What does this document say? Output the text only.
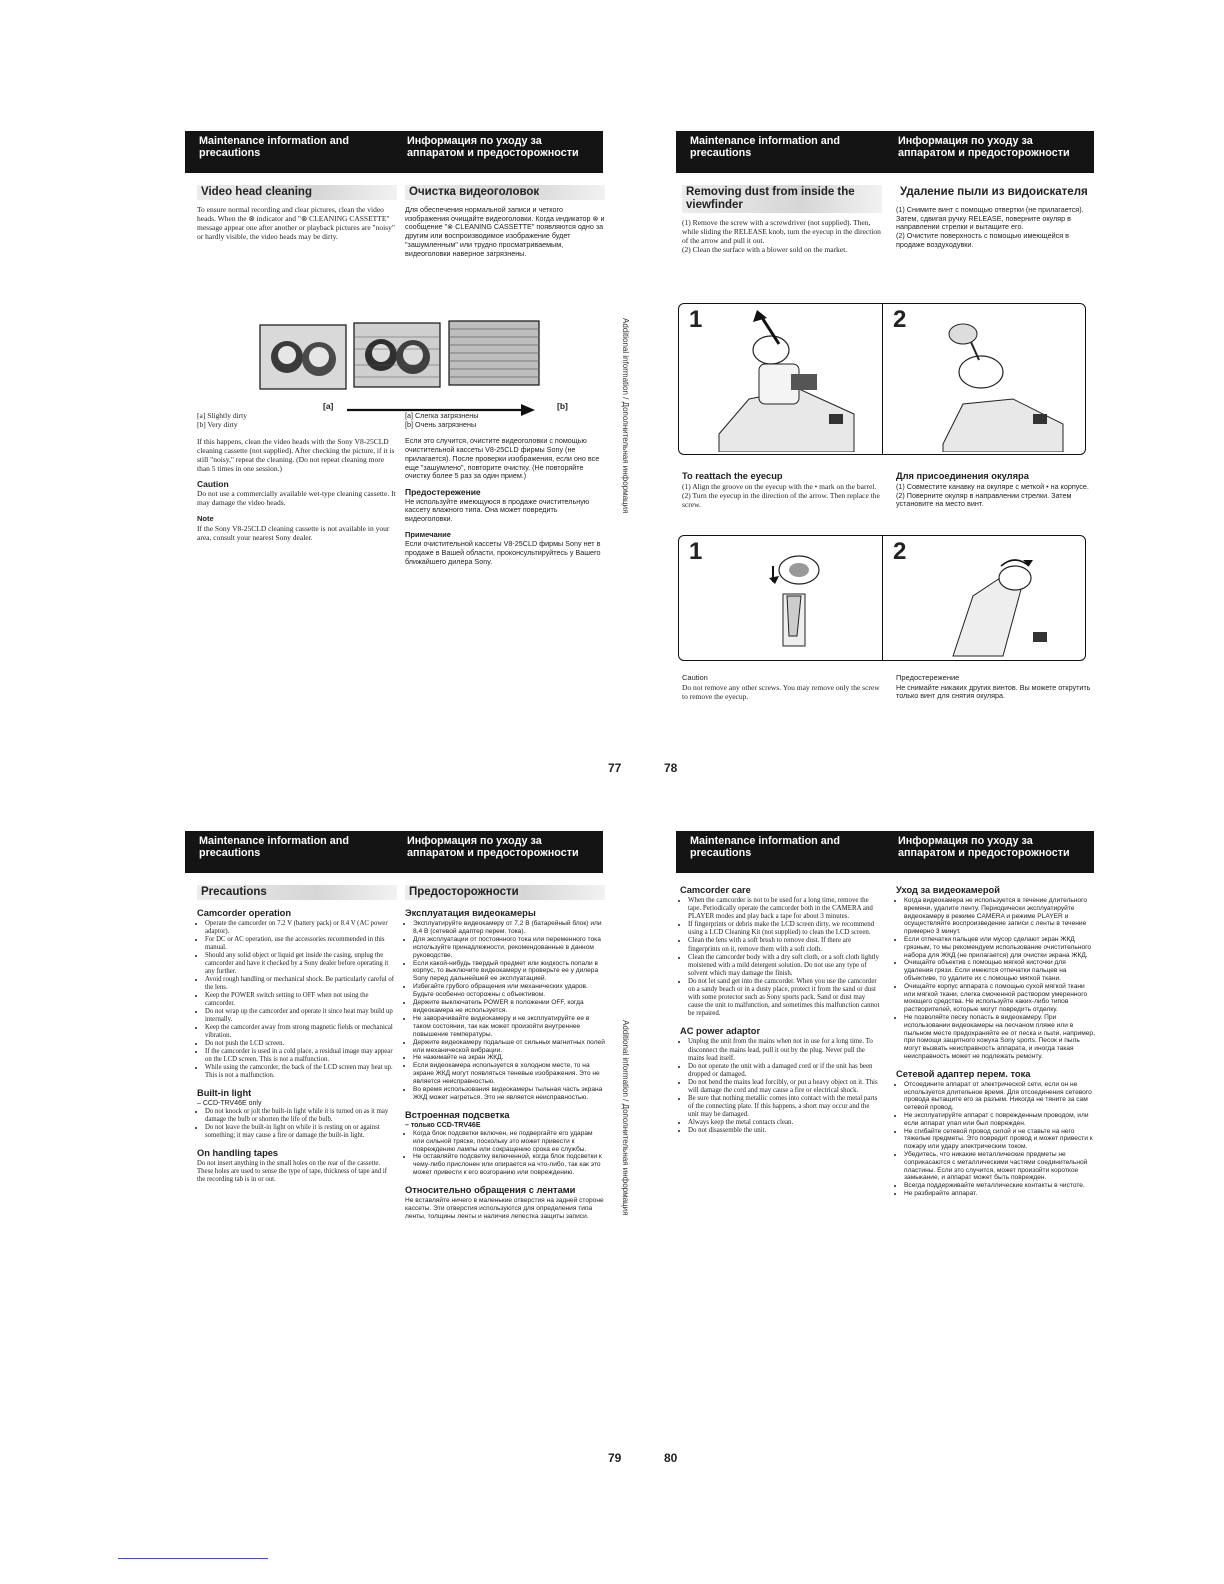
Maintenance information and precautions
Информация по уходу за аппаратом и предосторожности
Video head cleaning

To ensure normal recording and clear pictures, clean the video heads. When the ⊗ indicator and "⊗ CLEANING CASSETTE" message appear one after another or playback pictures are "noisy" or hardly visible, the video heads may be dirty.

Очистка видеоголовок

Для обеспечения нормальной записи и четкого изображения очищайте видеоголовки. Когда индикатор ⊗ и сообщение "⊗ CLEANING CASSETTE" появляются одно за другим или воспроизводимое изображение будет "зашумленным" или трудно просматриваемым, видеоголовки наверное загрязнены.

[a]	[b]

[a] Slightly dirty

[b] Very dirty

If this happens, clean the video heads with the Sony V8-25CLD cleaning cassette (not supplied). After checking the picture, if it is still "noisy," repeat the cleaning. (Do not repeat cleaning more than 5 times in one session.)

Caution

Do not use a commercially available wet-type cleaning cassette. It may damage the video heads.

Note

If the Sony V8-25CLD cleaning cassette is not available in your area, consult your nearest Sony dealer.

[a] Слегка загрязнены

[b] Очень загрязнены

Если это случится, очистите видеоголовки с помощью очистительной кассеты V8-25CLD фирмы Sony (не прилагается). После проверки изображения, если оно все еще "зашумлено", повторите очистку. (Не повторяйте очистку более 5 раз за один прием.)

Предостережение

Не используйте имеющуюся в продаже очистительную кассету влажного типа. Она может повредить видеоголовки.

Примечание

Если очистительной кассеты V8-25CLD фирмы Sony нет в продаже в Вашей области, проконсультируйтесь у Вашего ближайшего дилера Sony.

Additional information / Дополнительная информация
Additional information / Дополнительная информация
77	78
Maintenance information and precautions
Информация по уходу за аппаратом и предосторожности
Removing dust from inside the viewfinder

(1) Remove the screw with a screwdriver (not supplied). Then, while sliding the RELEASE knob, turn the eyecup in the direction of the arrow and pull it out.

(2) Clean the surface with a blower sold on the market.

Удаление пыли из видоискателя

(1) Снимите винт с помощью отвертки (не прилагается). Затем, сдвигая ручку RELEASE, поверните окуляр в направлении стрелки и вытащите его.

(2) Очистите поверхность с помощью имеющейся в продаже воздуходувки.

1	2
To reattach the eyecup

(1) Align the groove on the eyecup with the • mark on the barrel.

(2) Turn the eyecup in the direction of the arrow. Then replace the screw.

Для присоединения окуляра

(1) Совместите канавку на окуляре с меткой • на корпусе.

(2) Поверните окуляр в направлении стрелки. Затем установите на место винт.

1	2
Caution

Do not remove any other screws. You may remove only the screw to remove the eyecup.

Предостережение

Не снимайте никаких других винтов. Вы можете открутить только винт для снятия окуляра.

Maintenance information and precautions
Информация по уходу за аппаратом и предосторожности
Precautions
Camcorder operation
• Operate the camcorder on 7.2 V (battery pack) or 8.4 V (AC power adaptor).
• For DC or AC operation, use the accessories recommended in this manual.
• Should any solid object or liquid get inside the casing, unplug the camcorder and have it checked by a Sony dealer before operating it any further.
• Avoid rough handling or mechanical shock. Be particularly careful of the lens.
• Keep the POWER switch setting to OFF when not using the camcorder.
• Do not wrap up the camcorder and operate it since heat may build up internally.
• Keep the camcorder away from strong magnetic fields or mechanical vibration.
• Do not push the LCD screen.
• If the camcorder is used in a cold place, a residual image may appear on the LCD screen. This is not a malfunction.
• While using the camcorder, the back of the LCD screen may heat up. This is not a malfunction.
Built-in light
– CCD-TRV46E only
• Do not knock or jolt the built-in light while it is turned on as it may damage the bulb or shorten the life of the bulb.
• Do not leave the built-in light on while it is resting on or against something; it may cause a fire or damage the built-in light.
On handling tapes

Do not insert anything in the small holes on the rear of the cassette. These holes are used to sense the type of tape, thickness of tape and if the recording tab is in or out.

Предосторожности
Эксплуатация видеокамеры
• Эксплуатируйте видеокамеру от 7,2 В (батарейный блок) или 8,4 В (сетевой адаптер перем. тока).
• Для эксплуатации от постоянного тока или переменного тока используйте принадлежности, рекомендованные в данном руководстве.
• Если какой-нибудь твердый предмет или жидкость попали в корпус, то выключите видеокамеру и проверьте ее у дилера Sony перед дальнейшей ее эксплуатацией.
• Избегайте грубого обращения или механических ударов. Будьте особенно осторожны с объективом.
• Держите выключатель POWER в положении OFF, когда видеокамера не используется.
• Не заворачивайте видеокамеру и не эксплуатируйте ее в таком состоянии, так как может произойти внутреннее повышение температуры.
• Держите видеокамеру подальше от сильных магнитных полей или механической вибрации.
• Не нажимайте на экран ЖКД.
• Если видеокамера используется в холодном месте, то на экране ЖКД могут появляться теневые изображения. Это не является неисправностью.
• Во время использования видеокамеры тыльная часть экрана ЖКД может нагреться. Это не является неисправностью.
Встроенная подсветка
– только CCD-TRV46E
• Когда блок подсветки включен, не подвергайте его ударам или сильной тряске, поскольку это может привести к повреждению лампы или сокращению срока ее службы.
• Не оставляйте подсветку включенной, когда блок подсветки к чему-либо прислонен или опирается на что-либо, так как это может привести к его возгоранию или повреждению.
Относительно обращения с лентами

Не вставляйте ничего в маленькие отверстия на задней стороне кассеты. Эти отверстия используются для определения типа ленты, толщины ленты и наличия лепестка защиты записи.

79	80
Maintenance information and precautions
Информация по уходу за аппаратом и предосторожности
Camcorder care
• When the camcorder is not to be used for a long time, remove the tape. Periodically operate the camcorder both in the CAMERA and PLAYER modes and play back a tape for about 3 minutes.
• If fingerprints or debris make the LCD screen dirty, we recommend using a LCD Cleaning Kit (not supplied) to clean the LCD screen.
• Clean the lens with a soft brush to remove dust. If there are fingerprints on it, remove them with a soft cloth.
• Clean the camcorder body with a dry soft cloth, or a soft cloth lightly moistened with a mild detergent solution. Do not use any type of solvent which may damage the finish.
• Do not let sand get into the camcorder. When you use the camcorder on a sandy beach or in a dusty place, protect it from the sand or dust with some protector such as Sony sports pack. Sand or dust may cause the unit to malfunction, and sometimes this malfunction cannot be repaired.
AC power adaptor
• Unplug the unit from the mains when not in use for a long time. To disconnect the mains lead, pull it out by the plug. Never pull the mains lead itself.
• Do not operate the unit with a damaged cord or if the unit has been dropped or damaged.
• Do not bend the mains lead forcibly, or put a heavy object on it. This will damage the cord and may cause a fire or electrical shock.
• Be sure that nothing metallic comes into contact with the metal parts of the connecting plate. If this happens, a short may occur and the unit may be damaged.
• Always keep the metal contacts clean.
• Do not disassemble the unit.
Уход за видеокамерой
• Когда видеокамера не используется в течение длительного времени, удалите ленту. Периодически эксплуатируйте видеокамеру в режиме CAMERA и режиме PLAYER и осуществляйте воспроизведение записи с ленты в течение примерно 3 минут.
• Если отпечатки пальцев или мусор сделают экран ЖКД грязным, то мы рекомендуем использование очистительного набора для ЖКД (не прилагается) для очистки экрана ЖКД.
• Очищайте объектив с помощью мягкой кисточки для удаления грязи. Если имеются отпечатки пальцев на объективе, то удалите их с помощью мягкой ткани.
• Очищайте корпус аппарата с помощью сухой мягкой ткани или мягкой ткани, слегка смоченной раствором умеренного моющего средства. Не используйте каких-либо типов растворителей, которые могут повредить отделку.
• Не позволяйте песку попасть в видеокамеру. При использовании видеокамеры на песчаном пляже или в пыльном месте предохраняйте ее от песка и пыли, например, при помощи защитного кожуха Sony sports. Песок и пыль могут вызвать неисправность аппарата, и иногда такая неисправность может не подлежать ремонту.
Сетевой адаптер перем. тока
• Отсоедините аппарат от электрической сети, если он не используется длительное время. Для отсоединения сетевого провода вытащите его за разъем. Никогда не тяните за сам сетевой провод.
• Не эксплуатируйте аппарат с поврежденным проводом, или если аппарат упал или был поврежден.
• Не сгибайте сетевой провод силой и не ставьте на него тяжелые предметы. Это повредит провод и может привести к пожару или удару электрическим током.
• Убедитесь, что никакие металлические предметы не соприкасаются с металлическими частями соединительной пластины. Если это случится, может произойти короткое замыкание, и аппарат может быть поврежден.
• Всегда поддерживайте металлические контакты в чистоте.
• Не разбирайте аппарат.
